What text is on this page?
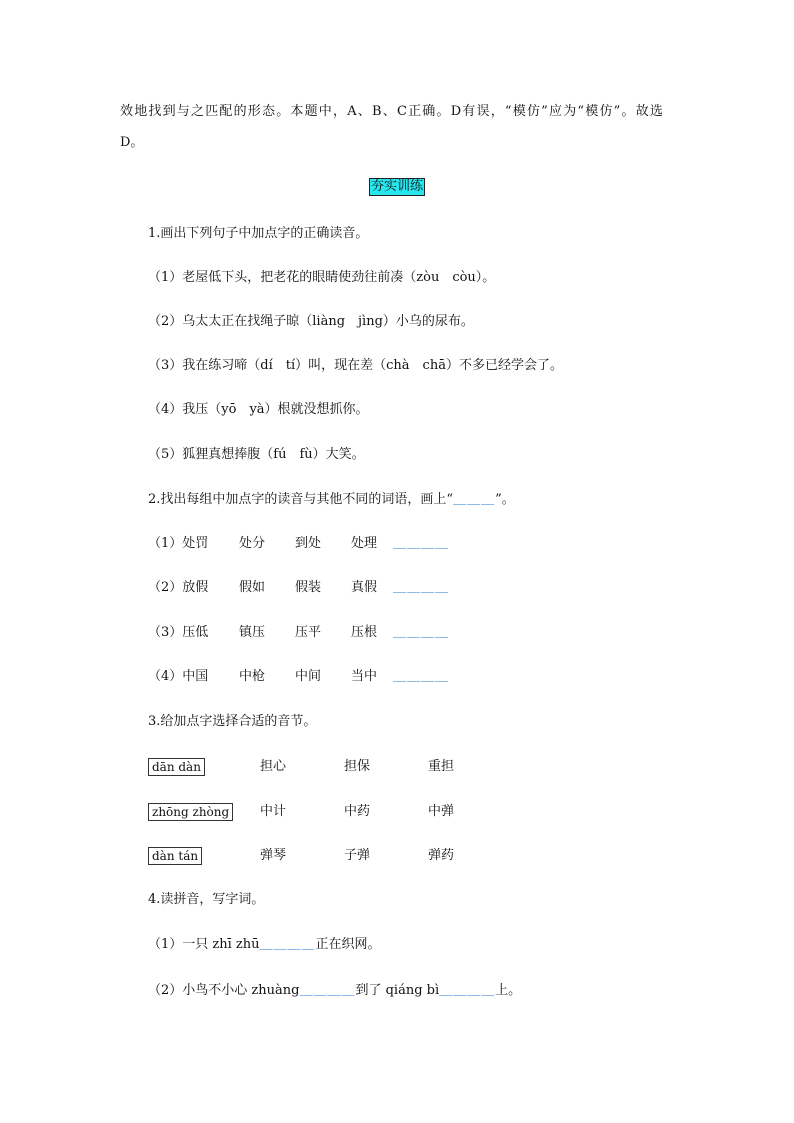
效地找到与之匹配的形态。本题中，A、B、C正确。D有误，“模仿”应为“模仿”。故选
D。
夯实训练
1.画出下列句子中加点字的正确读音。
（1）老屋低下头，把老花的眼睛使劲往前凑（zòu　còu）。
（2）乌太太正在找绳子晾（liàng　jìng）小乌的尿布。
（3）我在练习啼（dí　tí）叫，现在差（chà　chā）不多已经学会了。
（4）我压（yō　yà）根就没想抓你。
（5）狐狸真想捧腹（fú　fù）大笑。
2.找出每组中加点字的读音与其他不同的词语，画上“＿＿＿”。
（1）处罚 处分 到处 处理 ＿＿＿＿
（2）放假 假如 假装 真假 ＿＿＿＿
（3）压低 镇压 压平 压根 ＿＿＿＿
（4）中国 中枪 中间 当中 ＿＿＿＿
3.给加点字选择合适的音节。
dān dàn	担心	担保	重担
zhōng zhòng	中计	中药	中弹
dàn tán	弹琴	子弹	弹药
4.读拼音，写字词。
（1）一只 zhī zhū＿＿＿＿正在织网。
（2）小鸟不小心 zhuàng＿＿＿＿到了 qiáng bì＿＿＿＿上。
